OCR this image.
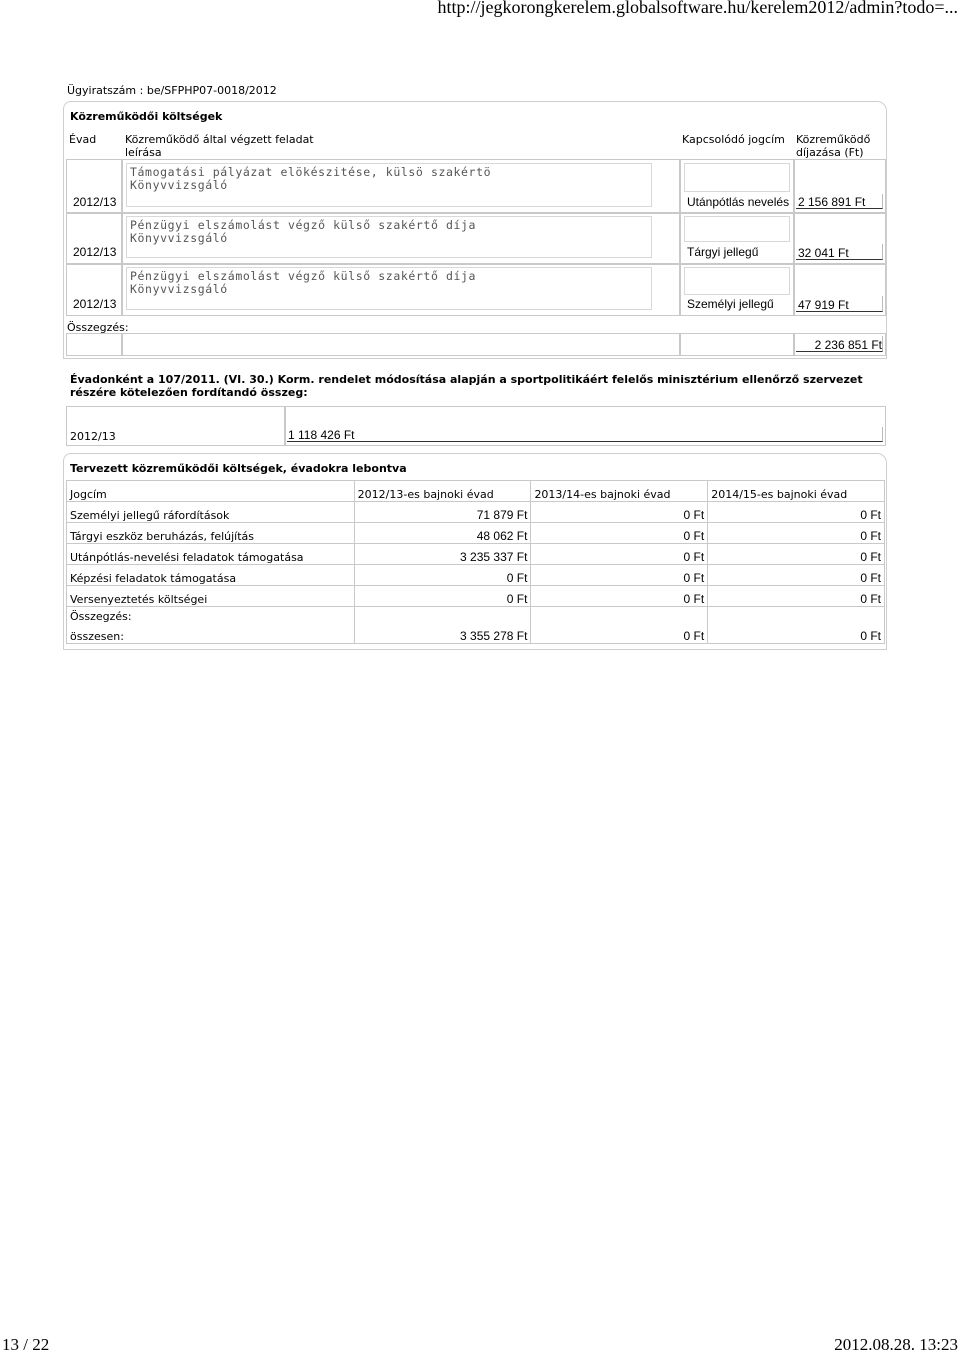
http://jegkorongkerelem.globalsoftware.hu/kerelem2012/admin?todo=...
Ügyiratszám : be/SFPHP07-0018/2012
Közreműködői költségek
Évad	Közreműködő által végzett feladat
leírása
Kapcsolódó jogcím Közreműködő
díjazása (Ft)
2012/13
Támogatási pályázat elökészitése, külsö szakértö
Könyvvizsgáló
Utánpótlás nevelés 2 156 891 Ft
2012/13
Pénzügyi elszámolást végző külső szakértő díja
Könyvvizsgáló
Tárgyi jellegű	32 041 Ft
2012/13
Pénzügyi elszámolást végző külső szakértő díja
Könyvvizsgáló
Személyi jellegű 47 919 Ft
Összegzés:
2 236 851 Ft
Évadonként a 107/2011. (VI. 30.) Korm. rendelet módosítása alapján a sportpolitikáért felelős minisztérium ellenőrző szervezet részére kötelezően fordítandó összeg:
2012/13	1 118 426 Ft
Tervezett közreműködői költségek, évadokra lebontva
Jogcím	2012/13-es bajnoki évad	2013/14-es bajnoki évad	2014/15-es bajnoki évad
Személyi jellegű ráfordítások	71 879 Ft	0 Ft	0 Ft
Tárgyi eszköz beruházás, felújítás	48 062 Ft	0 Ft	0 Ft
Utánpótlás-nevelési feladatok támogatása	3 235 337 Ft	0 Ft	0 Ft
Képzési feladatok támogatása	0 Ft	0 Ft	0 Ft
Versenyeztetés költségei	0 Ft	0 Ft	0 Ft

Összegzés:
összesen:	3 355 278 Ft	0 Ft	0 Ft
13 / 22	2012.08.28. 13:23
